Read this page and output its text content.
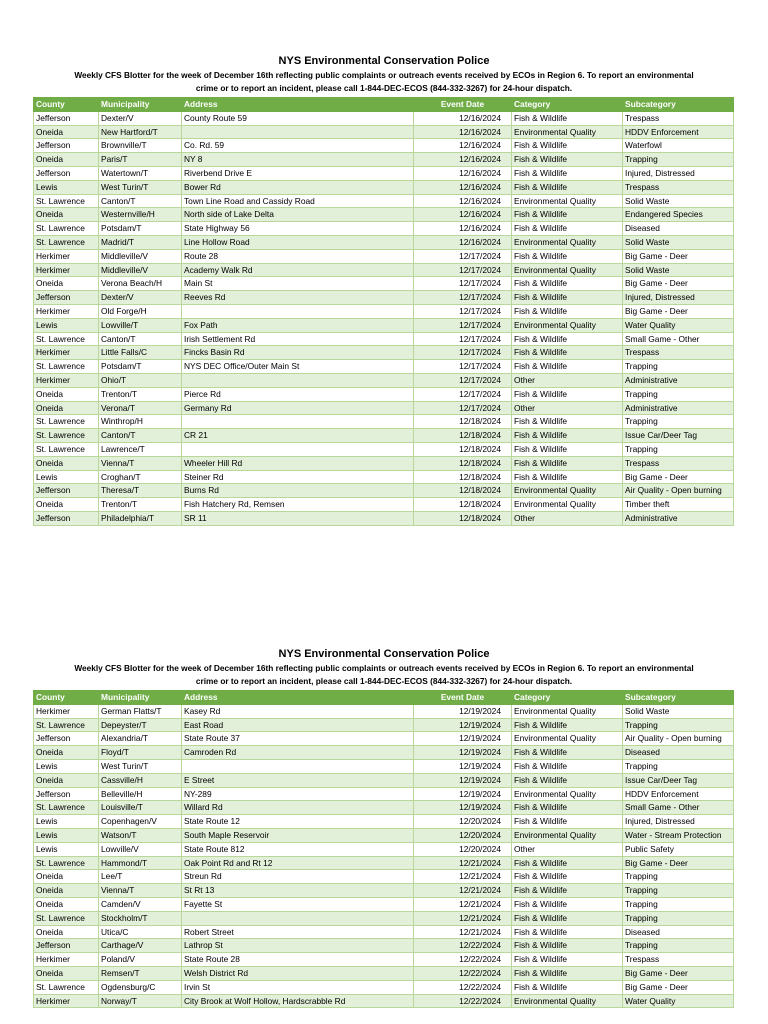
NYS Environmental Conservation Police
Weekly CFS Blotter for the week of December 16th reflecting public complaints or outreach events received by ECOs in Region 6. To report an environmental
crime or to report an incident, please call 1-844-DEC-ECOS (844-332-3267) for 24-hour dispatch.
County	Municipality	Address	Event Date	Category	Subcategory
Jefferson	Dexter/V	County Route 59	12/16/2024	Fish & Wildlife	Trespass
Oneida	New Hartford/T		12/16/2024	Environmental Quality	HDDV Enforcement
Jefferson	Brownville/T	Co. Rd. 59	12/16/2024	Fish & Wildlife	Waterfowl
Oneida	Paris/T	NY 8	12/16/2024	Fish & Wildlife	Trapping
Jefferson	Watertown/T	Riverbend Drive E	12/16/2024	Fish & Wildlife	Injured, Distressed
Lewis	West Turin/T	Bower Rd	12/16/2024	Fish & Wildlife	Trespass
St. Lawrence	Canton/T	Town Line Road and Cassidy Road	12/16/2024	Environmental Quality	Solid Waste
Oneida	Westernville/H	North side of Lake Delta	12/16/2024	Fish & Wildlife	Endangered Species
St. Lawrence	Potsdam/T	State Highway 56	12/16/2024	Fish & Wildlife	Diseased
St. Lawrence	Madrid/T	Line Hollow Road	12/16/2024	Environmental Quality	Solid Waste
Herkimer	Middleville/V	Route 28	12/17/2024	Fish & Wildlife	Big Game - Deer
Herkimer	Middleville/V	Academy Walk Rd	12/17/2024	Environmental Quality	Solid Waste
Oneida	Verona Beach/H	Main St	12/17/2024	Fish & Wildlife	Big Game - Deer
Jefferson	Dexter/V	Reeves Rd	12/17/2024	Fish & Wildlife	Injured, Distressed
Herkimer	Old Forge/H		12/17/2024	Fish & Wildlife	Big Game - Deer
Lewis	Lowville/T	Fox Path	12/17/2024	Environmental Quality	Water Quality
St. Lawrence	Canton/T	Irish Settlement Rd	12/17/2024	Fish & Wildlife	Small Game - Other
Herkimer	Little Falls/C	Fincks Basin Rd	12/17/2024	Fish & Wildlife	Trespass
St. Lawrence	Potsdam/T	NYS DEC Office/Outer Main St	12/17/2024	Fish & Wildlife	Trapping
Herkimer	Ohio/T		12/17/2024	Other	Administrative
Oneida	Trenton/T	Pierce Rd	12/17/2024	Fish & Wildlife	Trapping
Oneida	Verona/T	Germany Rd	12/17/2024	Other	Administrative
St. Lawrence	Winthrop/H		12/18/2024	Fish & Wildlife	Trapping
St. Lawrence	Canton/T	CR 21	12/18/2024	Fish & Wildlife	Issue Car/Deer Tag
St. Lawrence	Lawrence/T		12/18/2024	Fish & Wildlife	Trapping
Oneida	Vienna/T	Wheeler Hill Rd	12/18/2024	Fish & Wildlife	Trespass
Lewis	Croghan/T	Steiner Rd	12/18/2024	Fish & Wildlife	Big Game - Deer
Jefferson	Theresa/T	Burns Rd	12/18/2024	Environmental Quality	Air Quality - Open burning
Oneida	Trenton/T	Fish Hatchery Rd, Remsen	12/18/2024	Environmental Quality	Timber theft
Jefferson	Philadelphia/T	SR 11	12/18/2024	Other	Administrative
NYS Environmental Conservation Police
Weekly CFS Blotter for the week of December 16th reflecting public complaints or outreach events received by ECOs in Region 6. To report an environmental
crime or to report an incident, please call 1-844-DEC-ECOS (844-332-3267) for 24-hour dispatch.
County	Municipality	Address	Event Date	Category	Subcategory
Herkimer	German Flatts/T	Kasey Rd	12/19/2024	Environmental Quality	Solid Waste
St. Lawrence	Depeyster/T	East Road	12/19/2024	Fish & Wildlife	Trapping
Jefferson	Alexandria/T	State Route 37	12/19/2024	Environmental Quality	Air Quality - Open burning
Oneida	Floyd/T	Camroden Rd	12/19/2024	Fish & Wildlife	Diseased
Lewis	West Turin/T		12/19/2024	Fish & Wildlife	Trapping
Oneida	Cassville/H	E Street	12/19/2024	Fish & Wildlife	Issue Car/Deer Tag
Jefferson	Belleville/H	NY-289	12/19/2024	Environmental Quality	HDDV Enforcement
St. Lawrence	Louisville/T	Willard Rd	12/19/2024	Fish & Wildlife	Small Game - Other
Lewis	Copenhagen/V	State Route 12	12/20/2024	Fish & Wildlife	Injured, Distressed
Lewis	Watson/T	South Maple Reservoir	12/20/2024	Environmental Quality	Water - Stream Protection
Lewis	Lowville/V	State Route 812	12/20/2024	Other	Public Safety
St. Lawrence	Hammond/T	Oak Point Rd and Rt 12	12/21/2024	Fish & Wildlife	Big Game - Deer
Oneida	Lee/T	Streun Rd	12/21/2024	Fish & Wildlife	Trapping
Oneida	Vienna/T	St Rt 13	12/21/2024	Fish & Wildlife	Trapping
Oneida	Camden/V	Fayette St	12/21/2024	Fish & Wildlife	Trapping
St. Lawrence	Stockholm/T		12/21/2024	Fish & Wildlife	Trapping
Oneida	Utica/C	Robert Street	12/21/2024	Fish & Wildlife	Diseased
Jefferson	Carthage/V	Lathrop St	12/22/2024	Fish & Wildlife	Trapping
Herkimer	Poland/V	State Route 28	12/22/2024	Fish & Wildlife	Trespass
Oneida	Remsen/T	Welsh District Rd	12/22/2024	Fish & Wildlife	Big Game - Deer
St. Lawrence	Ogdensburg/C	Irvin St	12/22/2024	Fish & Wildlife	Big Game - Deer
Herkimer	Norway/T	City Brook at Wolf Hollow, Hardscrabble Rd	12/22/2024	Environmental Quality	Water Quality
